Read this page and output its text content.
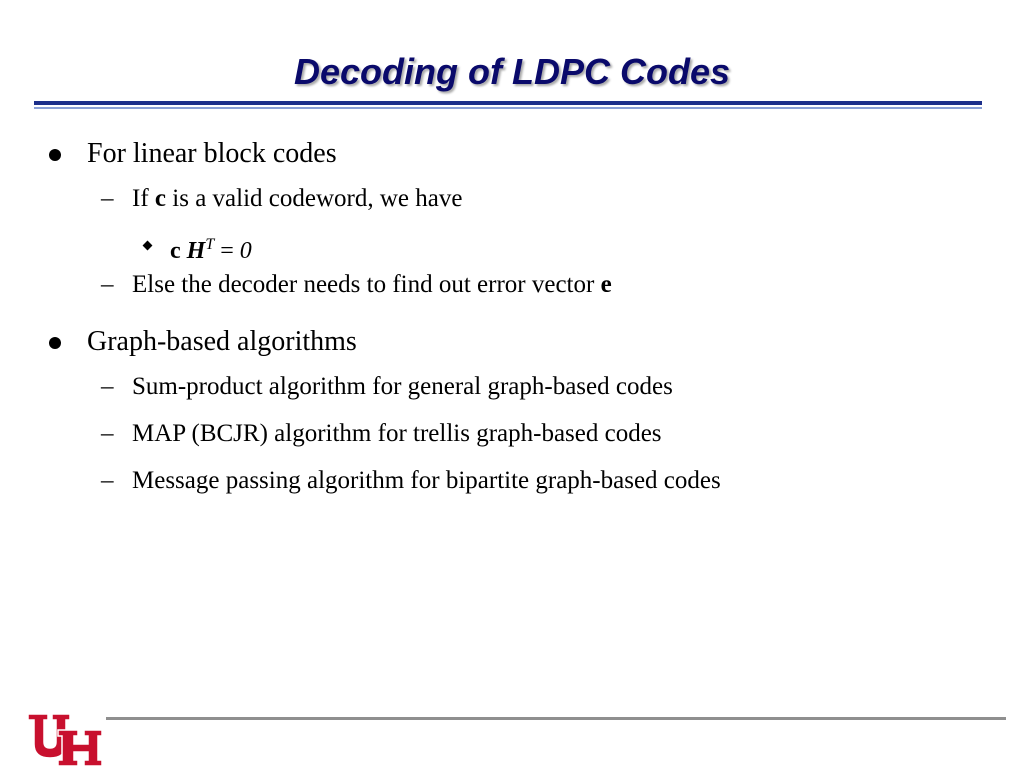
Decoding of LDPC Codes
For linear block codes
– If c is a valid codeword, we have
c $H^T = 0$
– Else the decoder needs to find out error vector e
Graph-based algorithms
– Sum-product algorithm for general graph-based codes
– MAP (BCJR) algorithm for trellis graph-based codes
– Message passing algorithm for bipartite graph-based codes
